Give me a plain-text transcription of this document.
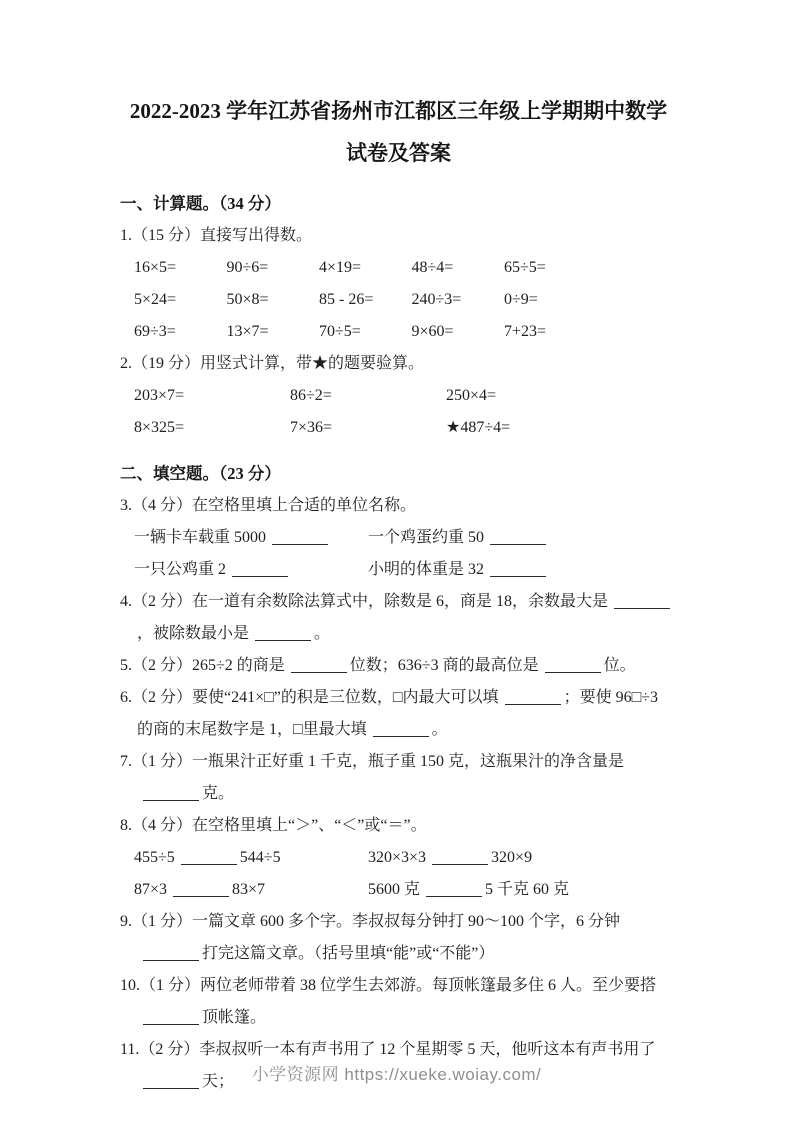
2022-2023 学年江苏省扬州市江都区三年级上学期期中数学
试卷及答案
一、计算题。（34 分）

1.（15 分）直接写出得数。

16×5=	90÷6=	4×19=	48÷4=	65÷5=
5×24=	50×8=	85 - 26= 240÷3=	0÷9=
69÷3=	13×7=	70÷5=	9×60=	7+23=

2.（19 分）用竖式计算，带★的题要验算。

203×7=	86÷2=	250×4=
8×325=	7×36=	★487÷4=
二、填空题。（23 分）

3.（4 分）在空格里填上合适的单位名称。

一辆卡车载重 5000	一个鸡蛋约重 50
一只公鸡重 2	小明的体重是 32

4.（2 分）在一道有余数除法算式中，除数是 6，商是 18，余数最大是，被除数最小是	。

5.（2 分）265÷2 的商是	位数；636÷3 商的最高位是	位。

6.（2 分）要使“241×□”的积是三位数，□内最大可以填	；要使 96□÷3 的商的末尾数字是 1，□里最大填	。

7.（1 分）一瓶果汁正好重 1 千克，瓶子重 150 克，这瓶果汁的净含量是克。

8.（4 分）在空格里填上“＞”、“＜”或“＝”。

455÷5	544÷5	320×3×3	320×9
87×3	83×7	5600 克	5 千克 60 克

9.（1 分）一篇文章 600 多个字。李叔叔每分钟打 90～100 个字，6 分钟打完这篇文章。（括号里填“能”或“不能”）

10.（1 分）两位老师带着 38 位学生去郊游。每顶帐篷最多住 6 人。至少要搭顶帐篷。

11.（2 分）李叔叔听一本有声书用了 12 个星期零 5 天，他听这本有声书用了天；	小学资源网 https://xueke.woiay.com/
